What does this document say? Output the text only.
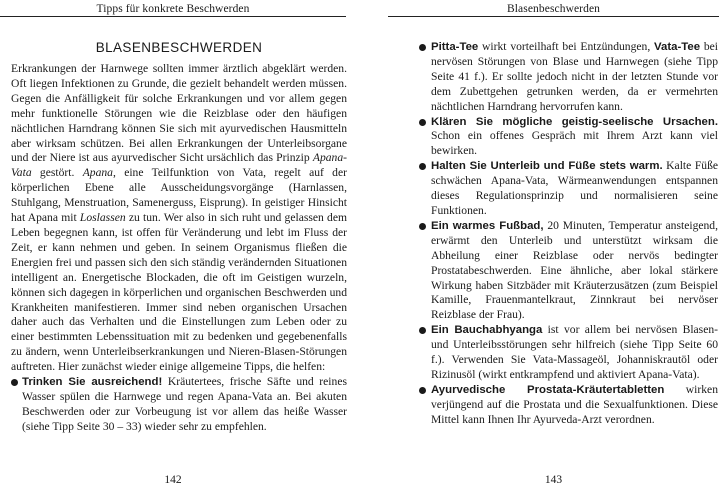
Tipps für konkrete Beschwerden
BLASENBESCHWERDEN

Erkrankungen der Harnwege sollten immer ärztlich abgeklärt werden. Oft liegen Infektionen zu Grunde, die gezielt behandelt werden müssen. Gegen die Anfälligkeit für solche Erkrankungen und vor allem gegen mehr funktionelle Störungen wie die Reizblase oder den häufigen nächtlichen Harndrang können Sie sich mit ayurvedischen Hausmitteln aber wirksam schützen. Bei allen Erkrankungen der Unterleibsorgane und der Niere ist aus ayurvedischer Sicht ursächlich das Prinzip Apana-Vata gestört. Apana, eine Teilfunktion von Vata, regelt auf der körperlichen Ebene alle Ausscheidungsvorgänge (Harnlassen, Stuhlgang, Menstruation, Samenerguss, Eisprung). In geistiger Hinsicht hat Apana mit Loslassen zu tun. Wer also in sich ruht und gelassen dem Leben begegnen kann, ist offen für Veränderung und lebt im Fluss der Zeit, er kann nehmen und geben. In seinem Organismus fließen die Energien frei und passen sich den sich ständig verändernden Situationen intelligent an. Energetische Blockaden, die oft im Geistigen wurzeln, können sich dagegen in körperlichen und organischen Beschwerden und Krankheiten manifestieren. Immer sind neben organischen Ursachen daher auch das Verhalten und die Einstellungen zum Leben oder zu einer bestimmten Lebenssituation mit zu bedenken und gegebenenfalls zu ändern, wenn Unterleibserkrankungen und Nieren-Blasen-Störungen auftreten. Hier zunächst wieder einige allgemeine Tipps, die helfen:

Trinken Sie ausreichend! Kräutertees, frische Säfte und reines Wasser spülen die Harnwege und regen Apana-Vata an. Bei akuten Beschwerden oder zur Vorbeugung ist vor allem das heiße Wasser (siehe Tipp Seite 30 – 33) wieder sehr zu empfehlen.

142
Blasenbeschwerden

Pitta-Tee wirkt vorteilhaft bei Entzündungen, Vata-Tee bei nervösen Störungen von Blase und Harnwegen (siehe Tipp Seite 41 f.). Er sollte jedoch nicht in der letzten Stunde vor dem Zubettgehen getrunken werden, da er vermehrten nächtlichen Harndrang hervorrufen kann.

Klären Sie mögliche geistig-seelische Ursachen. Schon ein offenes Gespräch mit Ihrem Arzt kann viel bewirken.

Halten Sie Unterleib und Füße stets warm. Kalte Füße schwächen Apana-Vata, Wärmeanwendungen entspannen dieses Regulationsprinzip und normalisieren seine Funktionen.

Ein warmes Fußbad, 20 Minuten, Temperatur ansteigend, erwärmt den Unterleib und unterstützt wirksam die Abheilung einer Reizblase oder nervös bedingter Prostatabeschwerden. Eine ähnliche, aber lokal stärkere Wirkung haben Sitzbäder mit Kräuterzusätzen (zum Beispiel Kamille, Frauenmantelkraut, Zinnkraut bei nervöser Reizblase der Frau).

Ein Bauchabhyanga ist vor allem bei nervösen Blasen- und Unterleibsstörungen sehr hilfreich (siehe Tipp Seite 60 f.). Verwenden Sie Vata-Massageöl, Johanniskrautöl oder Rizinusöl (wirkt entkrampfend und aktiviert Apana-Vata).

Ayurvedische Prostata-Kräutertabletten wirken verjüngend auf die Prostata und die Sexualfunktionen. Diese Mittel kann Ihnen Ihr Ayurveda-Arzt verordnen.

143
